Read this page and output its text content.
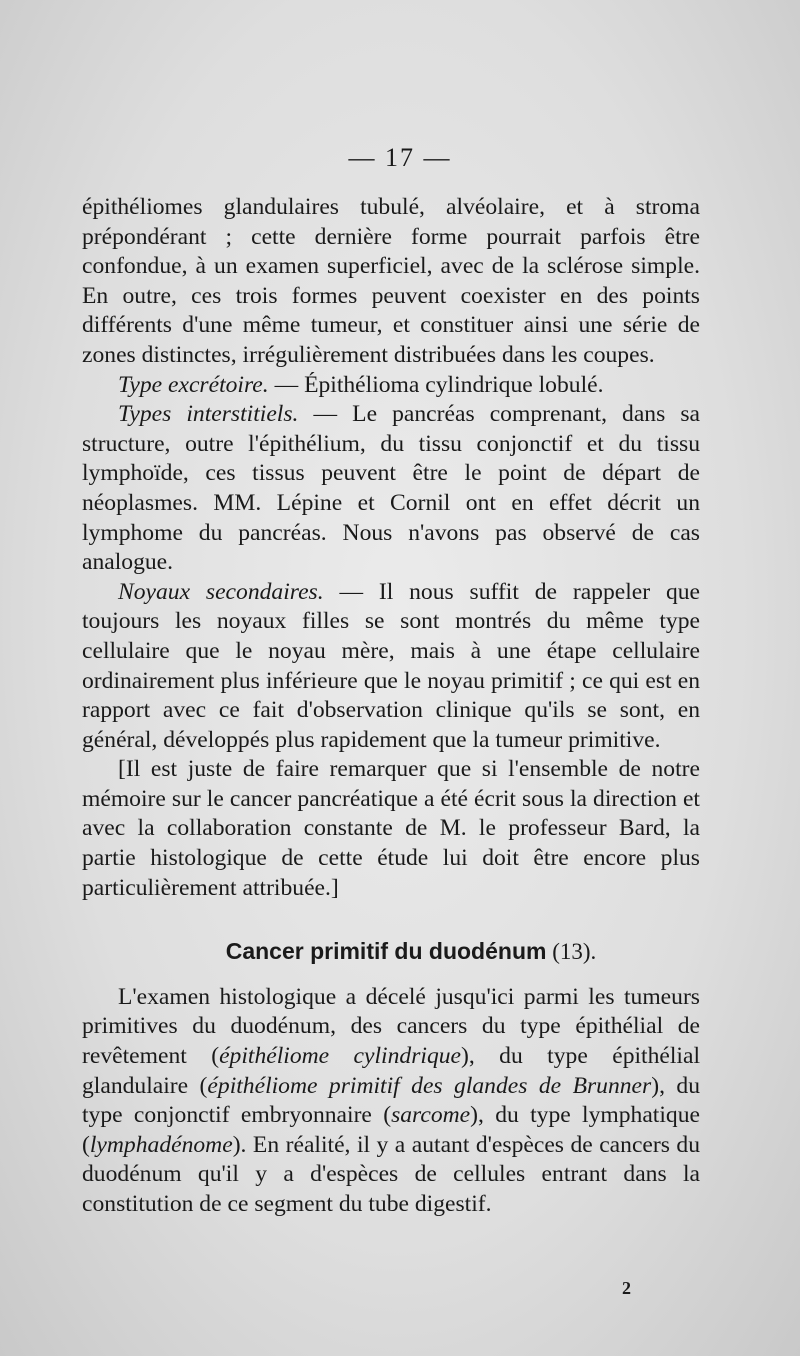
— 17 —

épithéliomes glandulaires tubulé, alvéolaire, et à stroma prépondérant ; cette dernière forme pourrait parfois être confondue, à un examen superficiel, avec de la sclérose simple. En outre, ces trois formes peuvent coexister en des points différents d'une même tumeur, et constituer ainsi une série de zones distinctes, irrégulièrement distribuées dans les coupes.

Type excrétoire. — Épithélioma cylindrique lobulé.

Types interstitiels. — Le pancréas comprenant, dans sa structure, outre l'épithélium, du tissu conjonctif et du tissu lymphoïde, ces tissus peuvent être le point de départ de néoplasmes. MM. Lépine et Cornil ont en effet décrit un lymphome du pancréas. Nous n'avons pas observé de cas analogue.

Noyaux secondaires. — Il nous suffit de rappeler que toujours les noyaux filles se sont montrés du même type cellulaire que le noyau mère, mais à une étape cellulaire ordinairement plus inférieure que le noyau primitif ; ce qui est en rapport avec ce fait d'observation clinique qu'ils se sont, en général, développés plus rapidement que la tumeur primitive.

[Il est juste de faire remarquer que si l'ensemble de notre mémoire sur le cancer pancréatique a été écrit sous la direction et avec la collaboration constante de M. le professeur Bard, la partie histologique de cette étude lui doit être encore plus particulièrement attribuée.]

Cancer primitif du duodénum (13).

L'examen histologique a décelé jusqu'ici parmi les tumeurs primitives du duodénum, des cancers du type épithélial de revêtement (épithéliome cylindrique), du type épithélial glandulaire (épithéliome primitif des glandes de Brunner), du type conjonctif embryonnaire (sarcome), du type lymphatique (lymphadénome). En réalité, il y a autant d'espèces de cancers du duodénum qu'il y a d'espèces de cellules entrant dans la constitution de ce segment du tube digestif.

2
